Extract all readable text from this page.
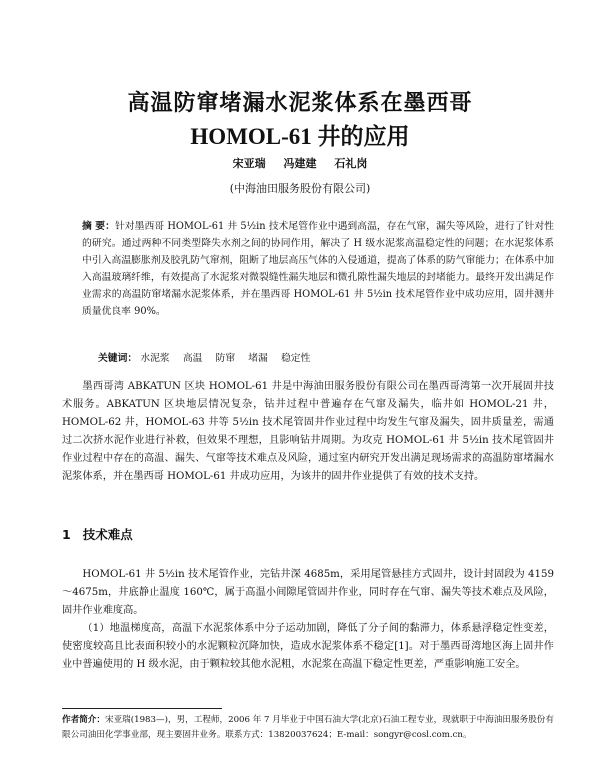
高温防窜堵漏水泥浆体系在墨西哥
HOMOL-61 井的应用
宋亚瑞 冯建建 石礼岗
(中海油田服务股份有限公司)
摘 要：针对墨西哥 HOMOL-61 井 5½in 技术尾管作业中遇到高温，存在气窜，漏失等风险，进行了针对性的研究。通过两种不同类型降失水剂之间的协同作用，解决了 H 级水泥浆高温稳定性的问题；在水泥浆体系中引入高温膨胀剂及胶乳防气窜剂，阻断了地层高压气体的入侵通道，提高了体系的防气窜能力；在体系中加入高温玻璃纤维，有效提高了水泥浆对微裂缝性漏失地层和微孔隙性漏失地层的封堵能力。最终开发出满足作业需求的高温防窜堵漏水泥浆体系，并在墨西哥 HOMOL-61 井 5½in 技术尾管作业中成功应用，固井测井质量优良率 90%。
关键词： 水泥浆 高温 防窜 堵漏 稳定性
墨西哥湾 ABKATUN 区块 HOMOL-61 井是中海油田服务股份有限公司在墨西哥湾第一次开展固井技术服务。ABKATUN 区块地层情况复杂，钻井过程中普遍存在气窜及漏失，临井如 HOMOL-21 井，HOMOL-62 井，HOMOL-63 井等 5½in 技术尾管固井作业过程中均发生气窜及漏失，固井质量差，需通过二次挤水泥作业进行补救，但效果不理想，且影响钻井周期。为攻克 HOMOL-61 井 5½in 技术尾管固井作业过程中存在的高温、漏失、气窜等技术难点及风险，通过室内研究开发出满足现场需求的高温防窜堵漏水泥浆体系，并在墨西哥 HOMOL-61 井成功应用，为该井的固井作业提供了有效的技术支持。
1 技术难点
HOMOL-61 井 5½in 技术尾管作业，完钻井深 4685m，采用尾管悬挂方式固井，设计封固段为 4159～4675m，井底静止温度 160℃，属于高温小间隙尾管固井作业，同时存在气窜、漏失等技术难点及风险，固井作业难度高。
（1）地温梯度高，高温下水泥浆体系中分子运动加剧，降低了分子间的黏滞力，体系悬浮稳定性变差，使密度较高且比表面积较小的水泥颗粒沉降加快，造成水泥浆体系不稳定[1]。对于墨西哥湾地区海上固井作业中普遍使用的 H 级水泥，由于颗粒较其他水泥粗，水泥浆在高温下稳定性更差，严重影响施工安全。
作者简介：宋亚瑞(1983—)，男，工程师，2006 年 7 月毕业于中国石油大学(北京)石油工程专业，现就职于中海油田服务股份有限公司油田化学事业部，现主要固井业务。联系方式：13820037624；E-mail：songyr@cosl.com.cn。
